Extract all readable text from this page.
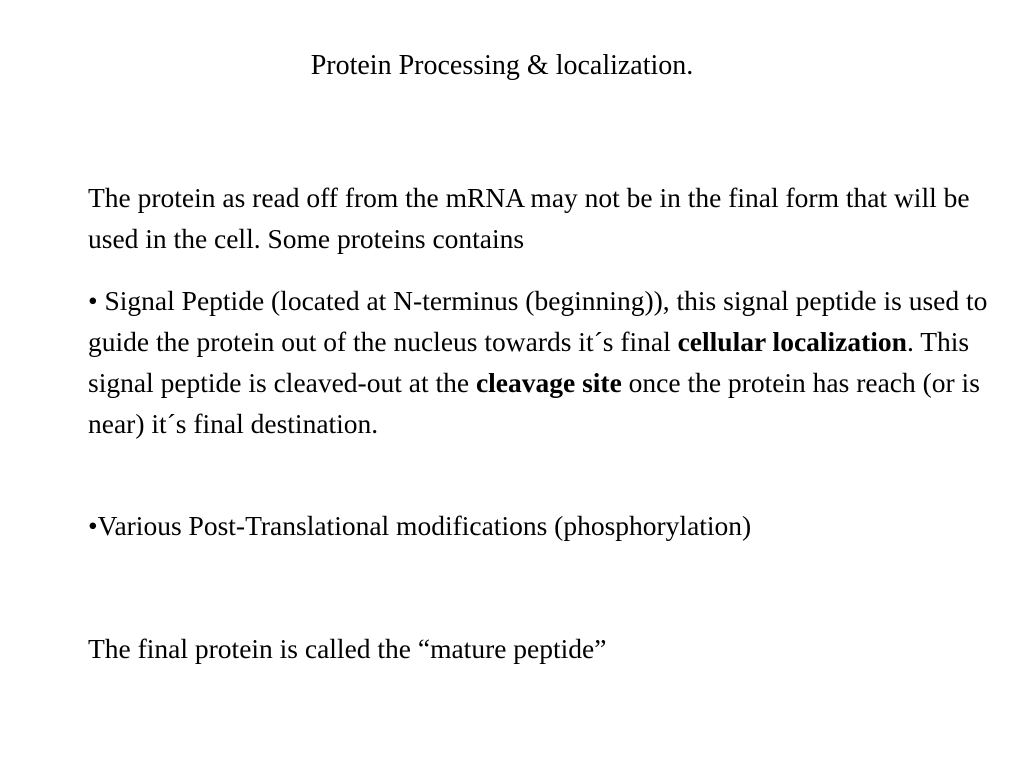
Protein Processing & localization.

The protein as read off from the mRNA may not be in the final form that will be used in the cell. Some proteins contains

• Signal Peptide (located at N-terminus (beginning)), this signal peptide is used to guide the protein out of the nucleus towards it´s final cellular localization. This signal peptide is cleaved-out at the cleavage site once the protein has reach (or is near) it´s final destination.

•Various Post-Translational modifications (phosphorylation)

The final protein is called the “mature peptide”
